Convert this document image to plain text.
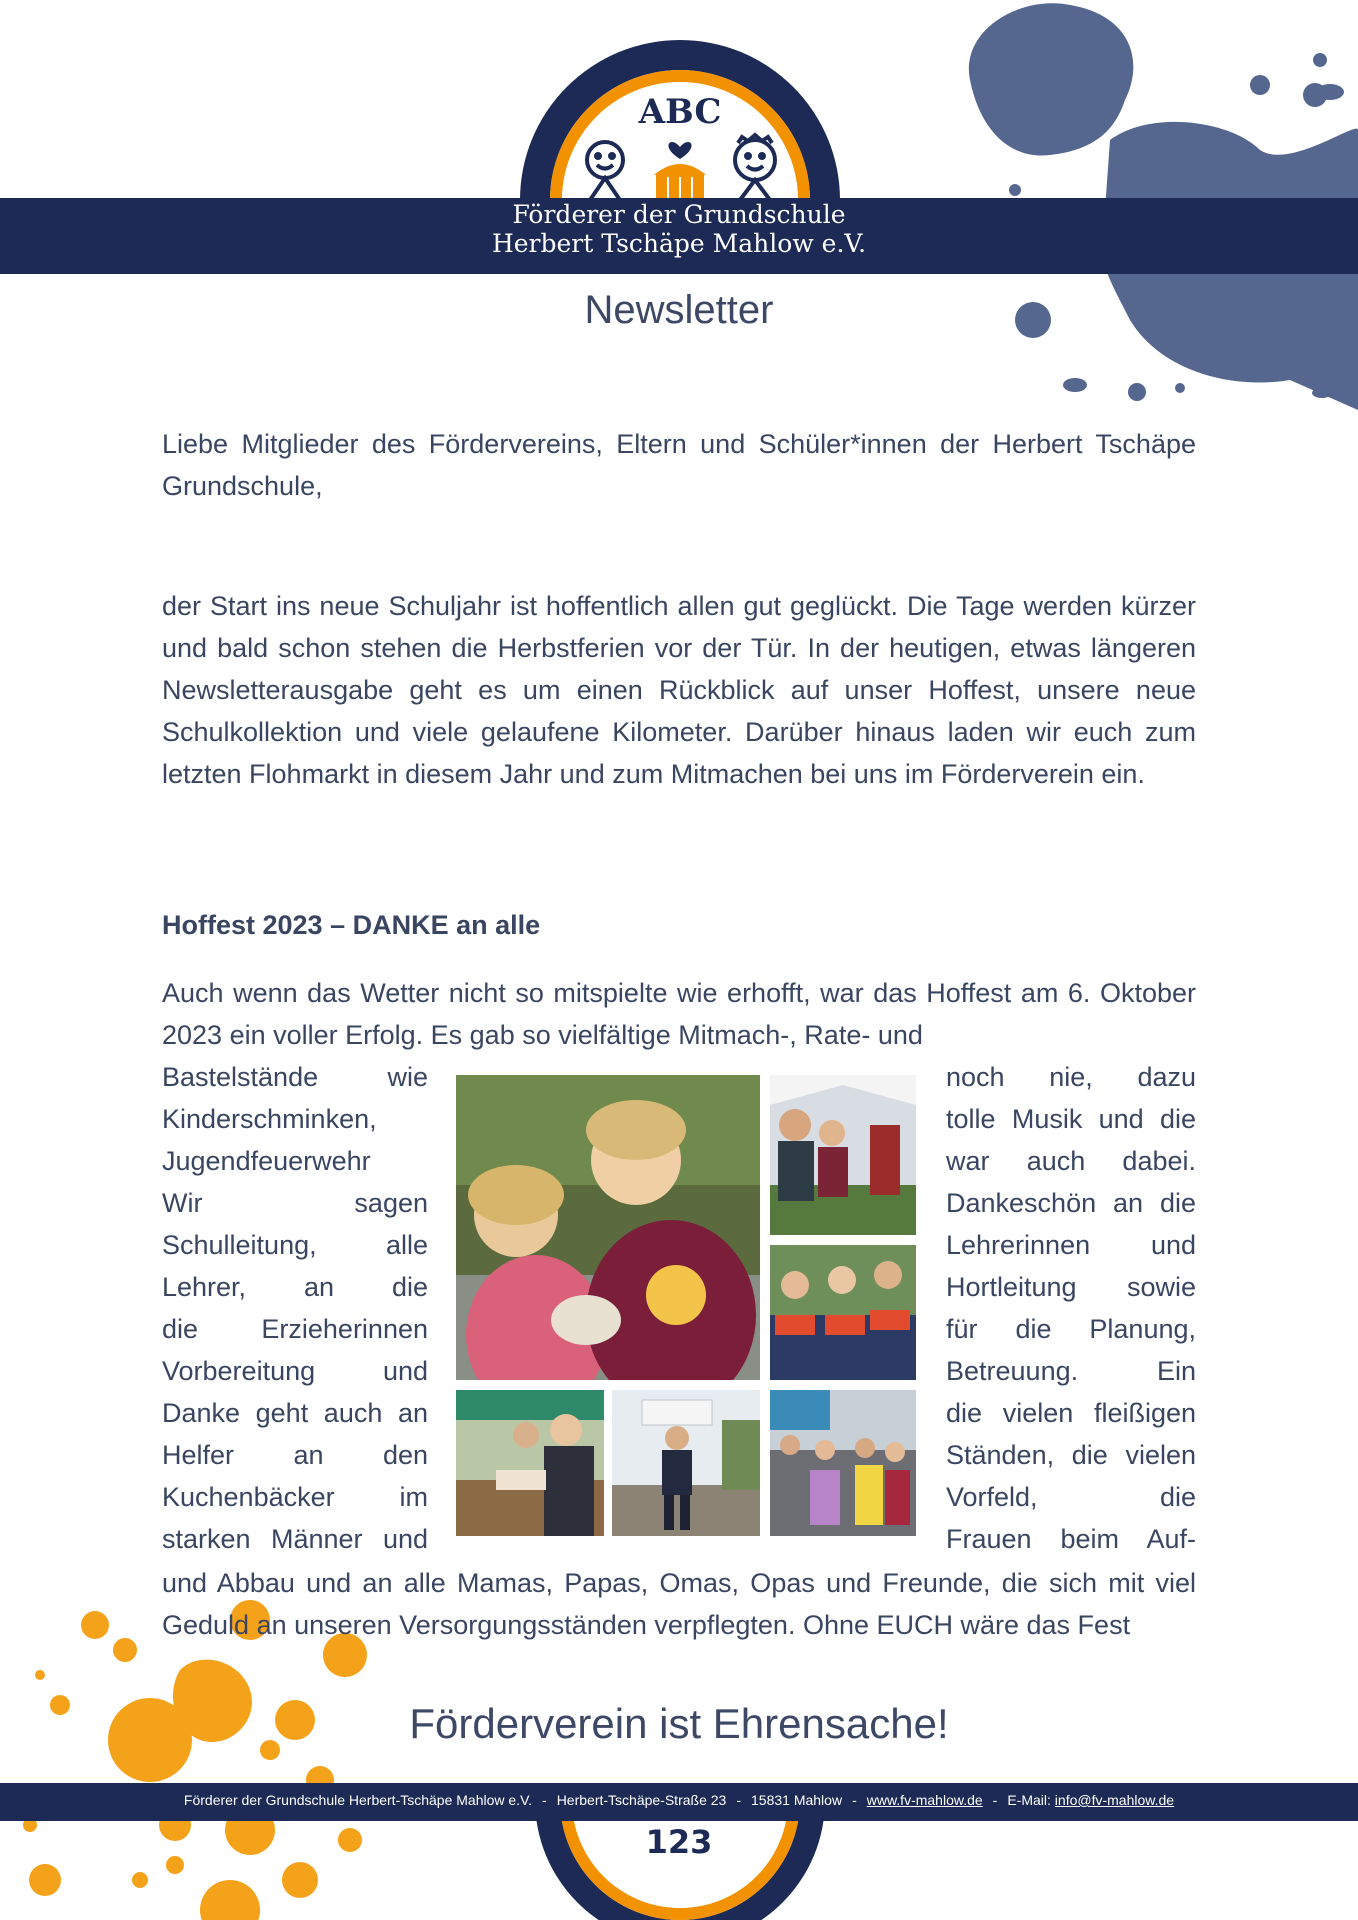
ABC
Förderer der Grundschule
Herbert Tschäpe Mahlow e.V.
Newsletter
Liebe Mitglieder des Fördervereins, Eltern und Schüler*innen der Herbert Tschäpe Grundschule,
der Start ins neue Schuljahr ist hoffentlich allen gut geglückt. Die Tage werden kürzer und bald schon stehen die Herbstferien vor der Tür. In der heutigen, etwas längeren Newsletterausgabe geht es um einen Rückblick auf unser Hoffest, unsere neue Schulkollektion und viele gelaufene Kilometer. Darüber hinaus laden wir euch zum letzten Flohmarkt in diesem Jahr und zum Mitmachen bei uns im Förderverein ein.
Hoffest 2023 – DANKE an alle
Auch wenn das Wetter nicht so mitspielte wie erhofft, war das Hoffest am 6. Oktober 2023 ein voller Erfolg. Es gab so vielfältige Mitmach-, Rate- und
Bastelstände wie
Kinderschminken,
Jugendfeuerwehr
Wir sagen
Schulleitung, alle
Lehrer, an die
die Erzieherinnen
Vorbereitung und
Danke geht auch an
Helfer an den
Kuchenbäcker im
starken Männer und
noch nie, dazu
tolle Musik und die
war auch dabei.
Dankeschön an die
Lehrerinnen und
Hortleitung sowie
für die Planung,
Betreuung. Ein
die vielen fleißigen
Ständen, die vielen
Vorfeld, die
Frauen beim Auf-
und Abbau und an alle Mamas, Papas, Omas, Opas und Freunde, die sich mit viel Geduld an unseren Versorgungsständen verpflegten. Ohne EUCH wäre das Fest
Förderverein ist Ehrensache!
Förderer der Grundschule Herbert-Tschäpe Mahlow e.V. - Herbert-Tschäpe-Straße 23 - 15831 Mahlow - www.fv-mahlow.de - E-Mail: info@fv-mahlow.de
123
